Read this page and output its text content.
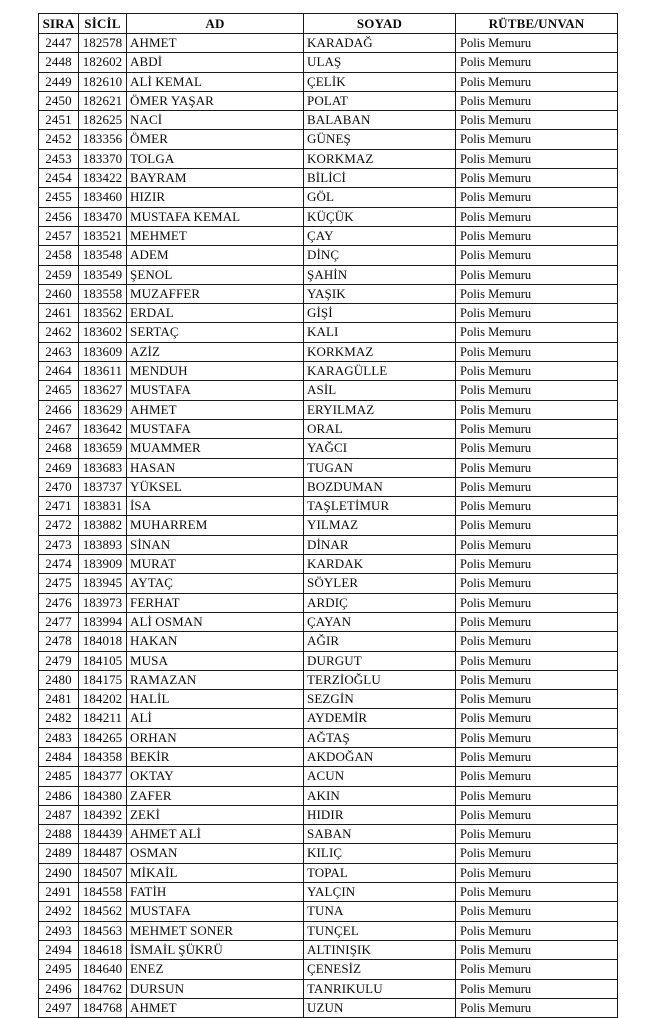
SIRA	SİCİL	AD	SOYAD	RÜTBE/UNVAN
2447	182578	AHMET	KARADAĞ	Polis Memuru
2448	182602	ABDİ	ULAŞ	Polis Memuru
2449	182610	ALİ KEMAL	ÇELİK	Polis Memuru
2450	182621	ÖMER YAŞAR	POLAT	Polis Memuru
2451	182625	NACİ	BALABAN	Polis Memuru
2452	183356	ÖMER	GÜNEŞ	Polis Memuru
2453	183370	TOLGA	KORKMAZ	Polis Memuru
2454	183422	BAYRAM	BİLİCİ	Polis Memuru
2455	183460	HIZIR	GÖL	Polis Memuru
2456	183470	MUSTAFA KEMAL	KÜÇÜK	Polis Memuru
2457	183521	MEHMET	ÇAY	Polis Memuru
2458	183548	ADEM	DİNÇ	Polis Memuru
2459	183549	ŞENOL	ŞAHİN	Polis Memuru
2460	183558	MUZAFFER	YAŞIK	Polis Memuru
2461	183562	ERDAL	GİŞİ	Polis Memuru
2462	183602	SERTAÇ	KALI	Polis Memuru
2463	183609	AZİZ	KORKMAZ	Polis Memuru
2464	183611	MENDUH	KARAGÜLLE	Polis Memuru
2465	183627	MUSTAFA	ASİL	Polis Memuru
2466	183629	AHMET	ERYILMAZ	Polis Memuru
2467	183642	MUSTAFA	ORAL	Polis Memuru
2468	183659	MUAMMER	YAĞCI	Polis Memuru
2469	183683	HASAN	TUGAN	Polis Memuru
2470	183737	YÜKSEL	BOZDUMAN	Polis Memuru
2471	183831	İSA	TAŞLETİMUR	Polis Memuru
2472	183882	MUHARREM	YILMAZ	Polis Memuru
2473	183893	SİNAN	DİNAR	Polis Memuru
2474	183909	MURAT	KARDAK	Polis Memuru
2475	183945	AYTAÇ	SÖYLER	Polis Memuru
2476	183973	FERHAT	ARDIÇ	Polis Memuru
2477	183994	ALİ OSMAN	ÇAYAN	Polis Memuru
2478	184018	HAKAN	AĞIR	Polis Memuru
2479	184105	MUSA	DURGUT	Polis Memuru
2480	184175	RAMAZAN	TERZİOĞLU	Polis Memuru
2481	184202	HALİL	SEZGİN	Polis Memuru
2482	184211	ALİ	AYDEMİR	Polis Memuru
2483	184265	ORHAN	AĞTAŞ	Polis Memuru
2484	184358	BEKİR	AKDOĞAN	Polis Memuru
2485	184377	OKTAY	ACUN	Polis Memuru
2486	184380	ZAFER	AKIN	Polis Memuru
2487	184392	ZEKİ	HIDIR	Polis Memuru
2488	184439	AHMET ALİ	SABAN	Polis Memuru
2489	184487	OSMAN	KILIÇ	Polis Memuru
2490	184507	MİKAİL	TOPAL	Polis Memuru
2491	184558	FATİH	YALÇIN	Polis Memuru
2492	184562	MUSTAFA	TUNA	Polis Memuru
2493	184563	MEHMET SONER	TUNÇEL	Polis Memuru
2494	184618	İSMAİL ŞÜKRÜ	ALTINIŞIK	Polis Memuru
2495	184640	ENEZ	ÇENESİZ	Polis Memuru
2496	184762	DURSUN	TANRIKULU	Polis Memuru
2497	184768	AHMET	UZUN	Polis Memuru
